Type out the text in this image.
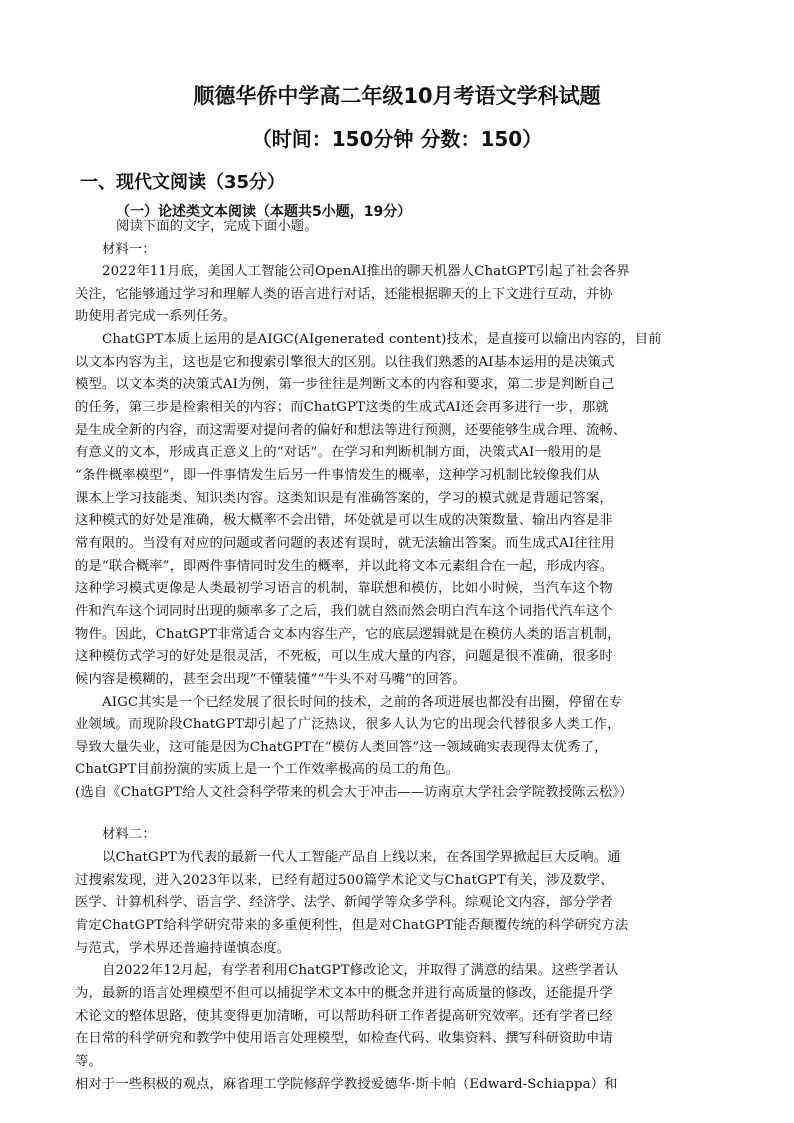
顺德华侨中学高二年级10月考语文学科试题
（时间：150分钟 分数：150）
一、现代文阅读（35分）
（一）论述类文本阅读（本题共5小题，19分）
阅读下面的文字，完成下面小题。
材料一：
2022年11月底，美国人工智能公司OpenAI推出的聊天机器人ChatGPT引起了社会各界
关注，它能够通过学习和理解人类的语言进行对话，还能根据聊天的上下文进行互动，并协
助使用者完成一系列任务。
ChatGPT本质上运用的是AIGC(AIgenerated content)技术，是直接可以输出内容的，目前
以文本内容为主，这也是它和搜索引擎很大的区别。以往我们熟悉的AI基本运用的是决策式
模型。以文本类的决策式AI为例，第一步往往是判断文本的内容和要求，第二步是判断自己
的任务，第三步是检索相关的内容；而ChatGPT这类的生成式AI还会再多进行一步，那就
是生成全新的内容，而这需要对提问者的偏好和想法等进行预测，还要能够生成合理、流畅、
有意义的文本，形成真正意义上的“对话”。在学习和判断机制方面，决策式AI一般用的是
“条件概率模型”，即一件事情发生后另一件事情发生的概率，这种学习机制比较像我们从
课本上学习技能类、知识类内容。这类知识是有准确答案的，学习的模式就是背题记答案，
这种模式的好处是准确，极大概率不会出错，坏处就是可以生成的决策数量、输出内容是非
常有限的。当没有对应的问题或者问题的表述有误时，就无法输出答案。而生成式AI往往用
的是“联合概率”，即两件事情同时发生的概率，并以此将文本元素组合在一起，形成内容。
这种学习模式更像是人类最初学习语言的机制，靠联想和模仿，比如小时候，当汽车这个物
件和汽车这个词同时出现的频率多了之后，我们就自然而然会明白汽车这个词指代汽车这个
物件。因此，ChatGPT非常适合文本内容生产，它的底层逻辑就是在模仿人类的语言机制，
这种模仿式学习的好处是很灵活，不死板，可以生成大量的内容，问题是很不准确，很多时
候内容是模糊的，甚至会出现“不懂装懂”“牛头不对马嘴”的回答。
AIGC其实是一个已经发展了很长时间的技术，之前的各项进展也都没有出圈，停留在专
业领域。而现阶段ChatGPT却引起了广泛热议，很多人认为它的出现会代替很多人类工作，
导致大量失业，这可能是因为ChatGPT在“模仿人类回答”这一领域确实表现得太优秀了，
ChatGPT目前扮演的实质上是一个工作效率极高的员工的角色。
(选自《ChatGPT给人文社会科学带来的机会大于冲击——访南京大学社会学院教授陈云松》）
材料二：
以ChatGPT为代表的最新一代人工智能产品自上线以来，在各国学界掀起巨大反响。通
过搜索发现，进入2023年以来，已经有超过500篇学术论文与ChatGPT有关，涉及数学、
医学、计算机科学、语言学、经济学、法学、新闻学等众多学科。综观论文内容，部分学者
肯定ChatGPT给科学研究带来的多重便利性，但是对ChatGPT能否颠覆传统的科学研究方法
与范式，学术界还普遍持谨慎态度。
自2022年12月起，有学者利用ChatGPT修改论文，并取得了满意的结果。这些学者认
为，最新的语言处理模型不但可以捕捉学术文本中的概念并进行高质量的修改，还能提升学
术论文的整体思路，使其变得更加清晰，可以帮助科研工作者提高研究效率。还有学者已经
在日常的科学研究和教学中使用语言处理模型，如检查代码、收集资料、撰写科研资助申请
等。
相对于一些积极的观点，麻省理工学院修辞学教授爱德华·斯卡帕（Edward-Schiappa）和
